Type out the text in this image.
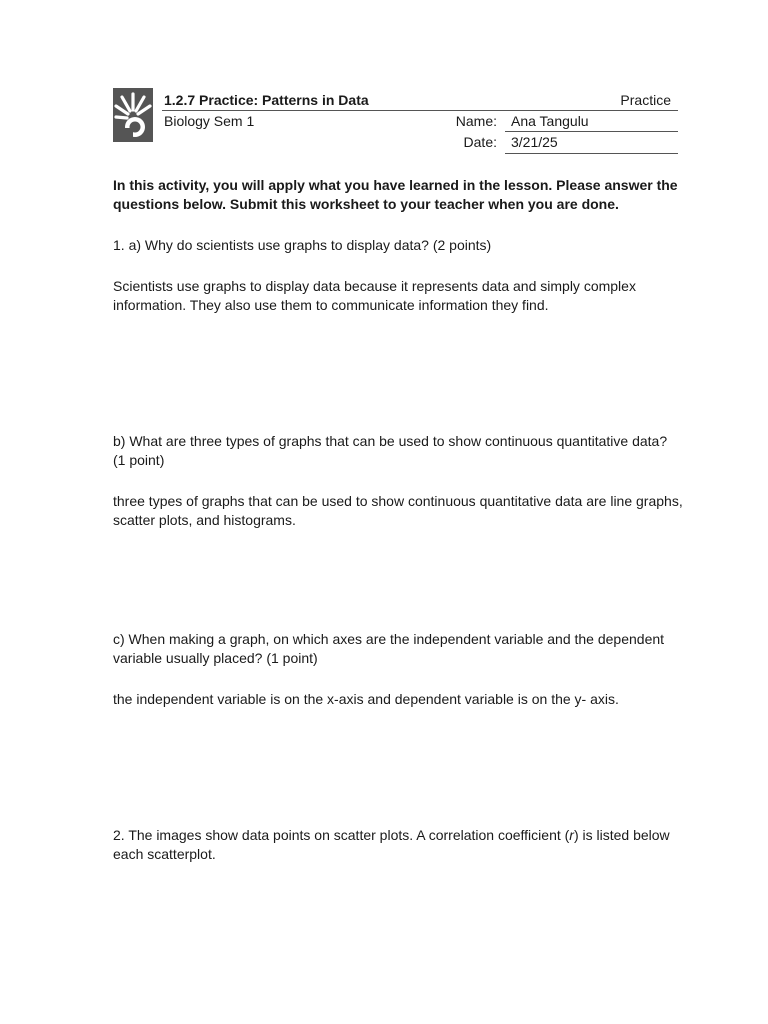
1.2.7 Practice: Patterns in Data	Practice
Biology Sem 1	Name: Ana Tangulu
Date: 3/21/25
In this activity, you will apply what you have learned in the lesson. Please answer the questions below. Submit this worksheet to your teacher when you are done.
1. a) Why do scientists use graphs to display data? (2 points)
Scientists use graphs to display data because it represents data and simply complex information. They also use them to communicate information they find.
b) What are three types of graphs that can be used to show continuous quantitative data? (1 point)
three types of graphs that can be used to show continuous quantitative data are line graphs, scatter plots, and histograms.
c) When making a graph, on which axes are the independent variable and the dependent variable usually placed? (1 point)
the independent variable is on the x-axis and dependent variable is on the y- axis.
2. The images show data points on scatter plots. A correlation coefficient (r) is listed below each scatterplot.
